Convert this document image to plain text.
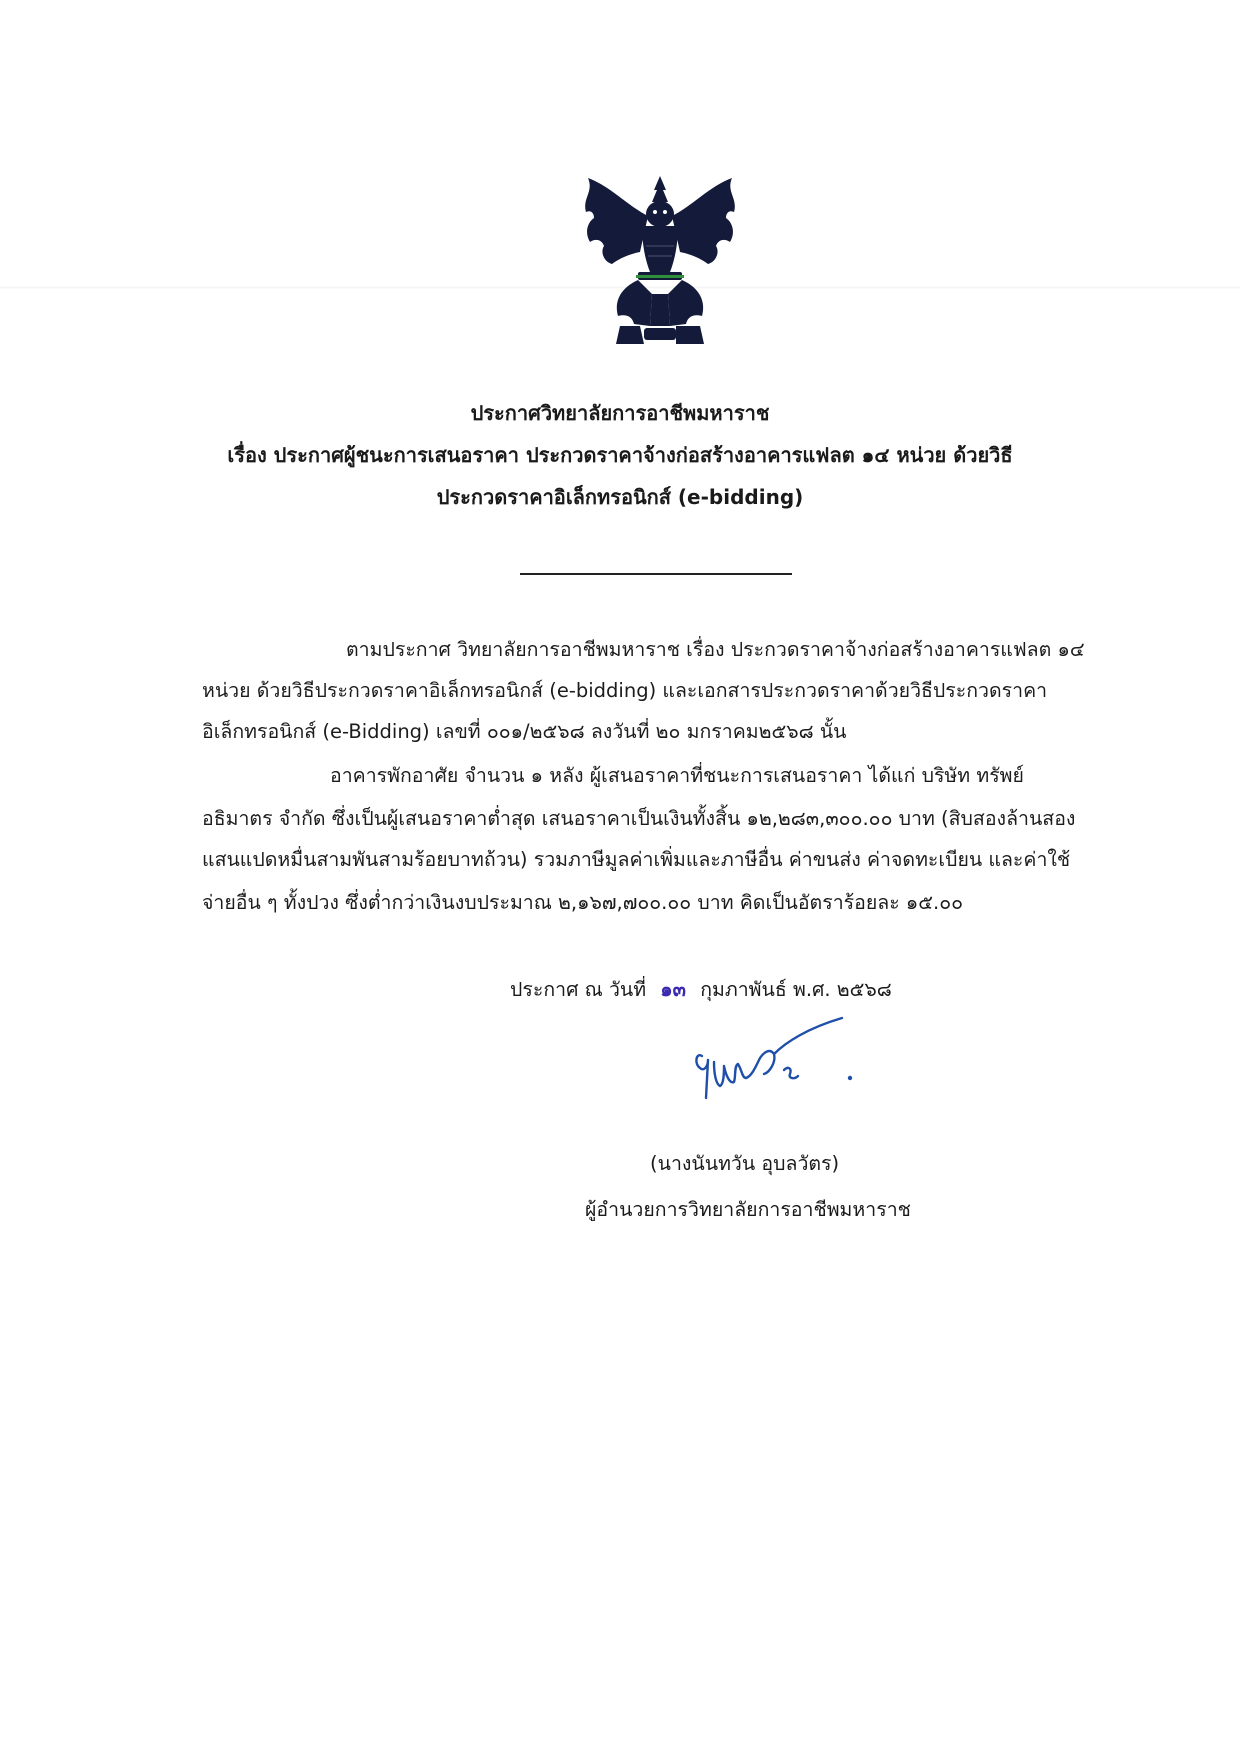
ประกาศวิทยาลัยการอาชีพมหาราช
เรื่อง ประกาศผู้ชนะการเสนอราคา ประกวดราคาจ้างก่อสร้างอาคารแฟลต ๑๔ หน่วย ด้วยวิธี
ประกวดราคาอิเล็กทรอนิกส์ (e-bidding)
ตามประกาศ วิทยาลัยการอาชีพมหาราช เรื่อง ประกวดราคาจ้างก่อสร้างอาคารแฟลต ๑๔
หน่วย ด้วยวิธีประกวดราคาอิเล็กทรอนิกส์ (e-bidding) และเอกสารประกวดราคาด้วยวิธีประกวดราคา
อิเล็กทรอนิกส์ (e-Bidding) เลขที่ ๐๐๑/๒๕๖๘ ลงวันที่ ๒๐ มกราคม๒๕๖๘ นั้น
อาคารพักอาศัย จำนวน ๑ หลัง ผู้เสนอราคาที่ชนะการเสนอราคา ได้แก่ บริษัท ทรัพย์
อธิมาตร จำกัด ซึ่งเป็นผู้เสนอราคาต่ำสุด เสนอราคาเป็นเงินทั้งสิ้น ๑๒,๒๘๓,๓๐๐.๐๐ บาท (สิบสองล้านสอง
แสนแปดหมื่นสามพันสามร้อยบาทถ้วน) รวมภาษีมูลค่าเพิ่มและภาษีอื่น ค่าขนส่ง ค่าจดทะเบียน และค่าใช้
จ่ายอื่น ๆ ทั้งปวง ซึ่งต่ำกว่าเงินงบประมาณ ๒,๑๖๗,๗๐๐.๐๐ บาท คิดเป็นอัตราร้อยละ ๑๕.๐๐
ประกาศ ณ วันที่ ๑๓ กุมภาพันธ์ พ.ศ. ๒๕๖๘
(นางนันทวัน อุบลวัตร)
ผู้อำนวยการวิทยาลัยการอาชีพมหาราช
